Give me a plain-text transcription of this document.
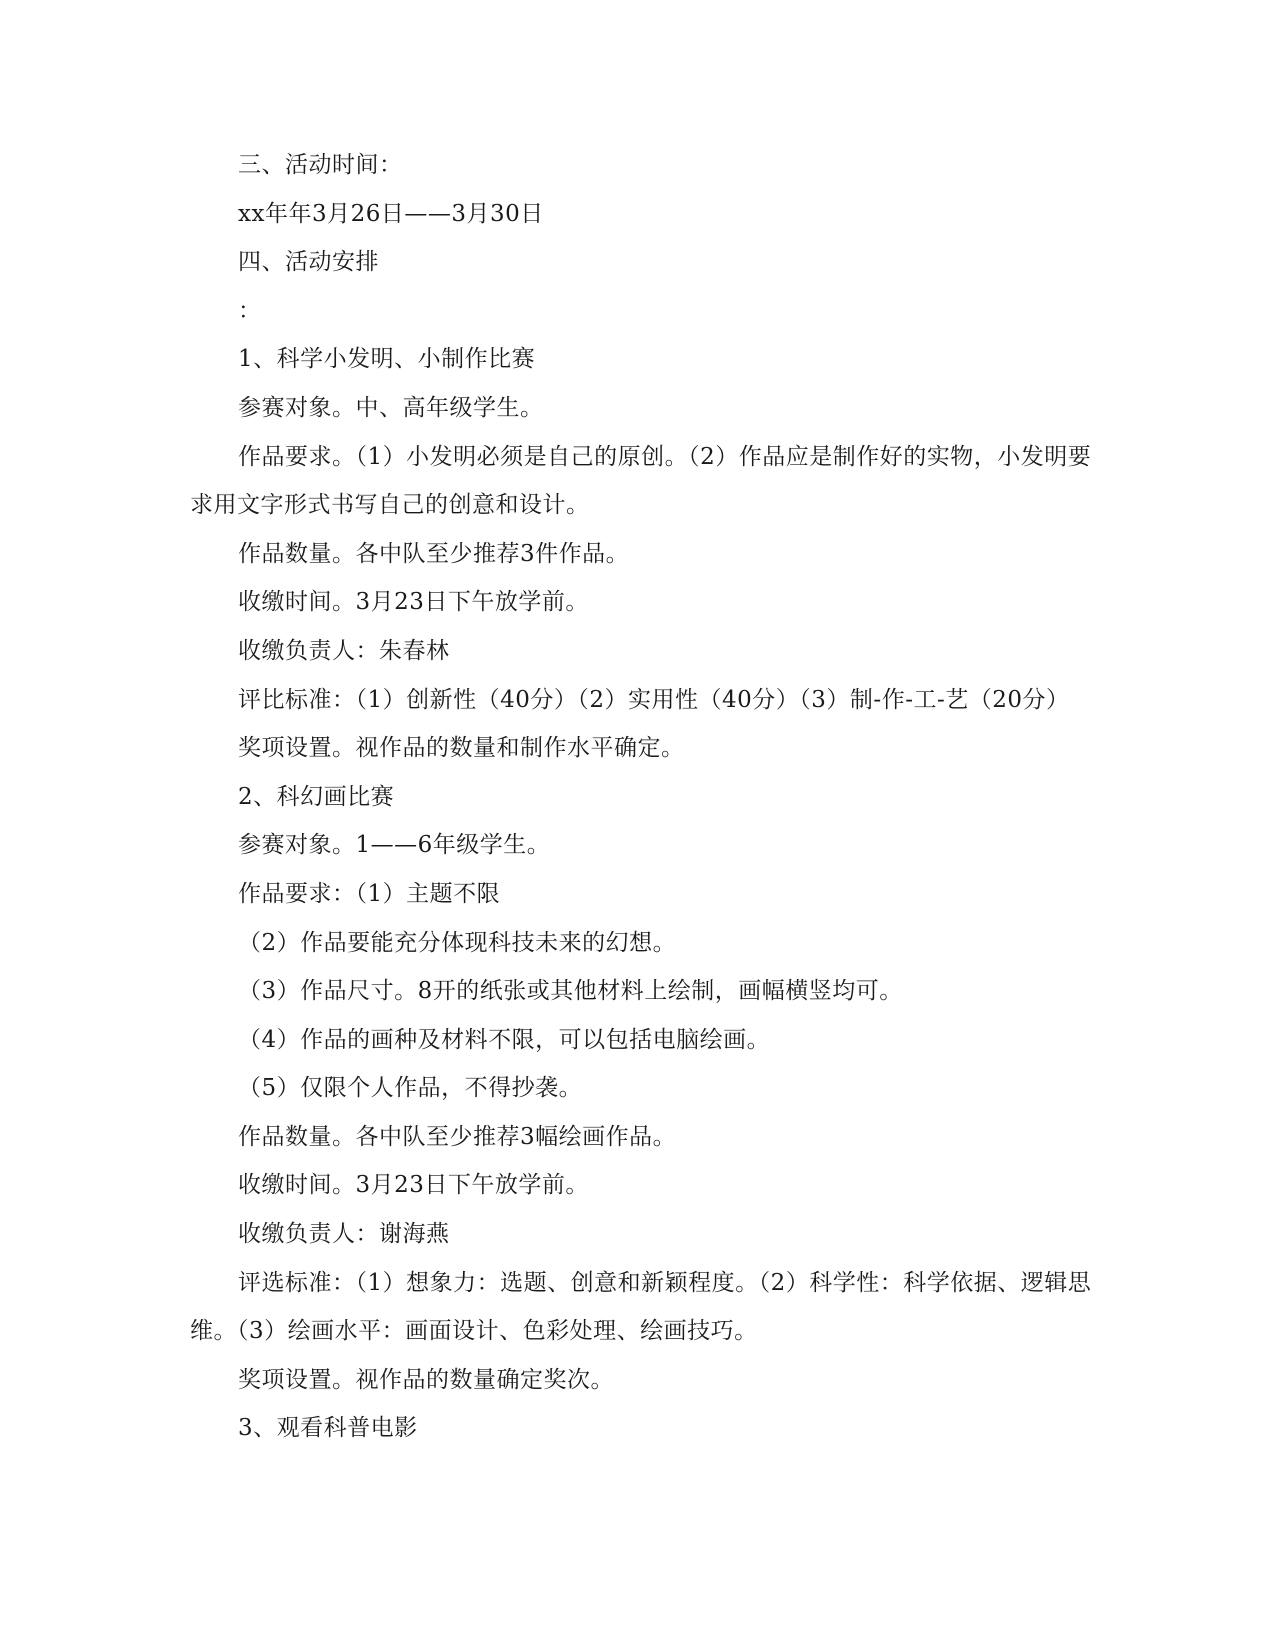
三、活动时间：

xx年年3月26日——3月30日

四、活动安排

：

1、科学小发明、小制作比赛

参赛对象。中、高年级学生。

作品要求。（1）小发明必须是自己的原创。（2）作品应是制作好的实物，小发明要求用文字形式书写自己的创意和设计。

作品数量。各中队至少推荐3件作品。

收缴时间。3月23日下午放学前。

收缴负责人：朱春林

评比标准：（1）创新性（40分）（2）实用性（40分）（3）制-作-工-艺（20分）

奖项设置。视作品的数量和制作水平确定。

2、科幻画比赛

参赛对象。1——6年级学生。

作品要求：（1）主题不限

（2）作品要能充分体现科技未来的幻想。

（3）作品尺寸。8开的纸张或其他材料上绘制，画幅横竖均可。

（4）作品的画种及材料不限，可以包括电脑绘画。

（5）仅限个人作品，不得抄袭。

作品数量。各中队至少推荐3幅绘画作品。

收缴时间。3月23日下午放学前。

收缴负责人：谢海燕

评选标准：（1）想象力：选题、创意和新颖程度。（2）科学性：科学依据、逻辑思维。（3）绘画水平：画面设计、色彩处理、绘画技巧。

奖项设置。视作品的数量确定奖次。

3、观看科普电影
